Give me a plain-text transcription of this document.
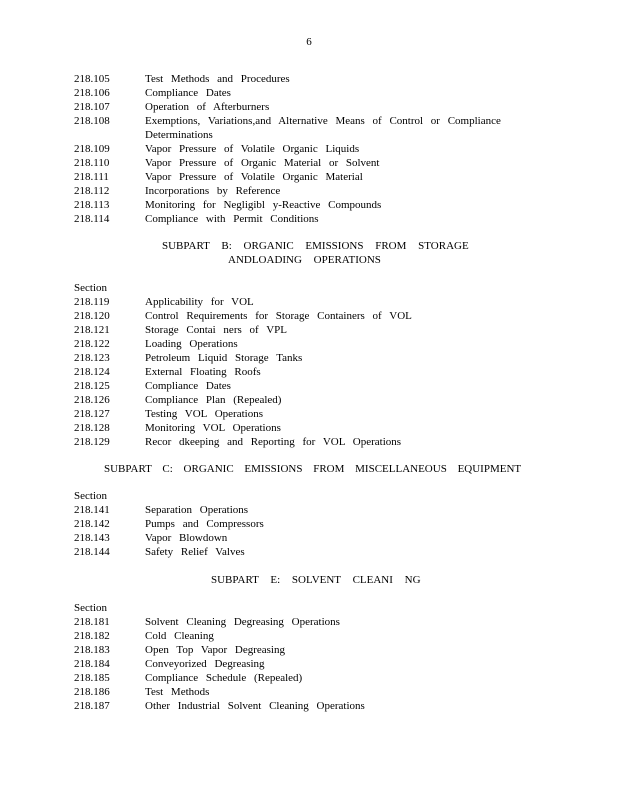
6
218.105	Test Methods and Procedures
218.106	Compliance Dates
218.107	Operation of Afterburners
218.108	Exemptions, Variations,and Alternative Means of Control or Compliance
Determinations
218.109	Vapor Pressure of Volatile Organic Liquids
218.110	Vapor Pressure of Organic Material or Solvent
218.111	Vapor Pressure of Volatile Organic Material
218.112	Incorporations by Reference
218.113	Monitoring for Negligibl y-Reactive Compounds
218.114	Compliance with Permit Conditions
SUBPART B: ORGANIC EMISSIONS FROM STORAGE
ANDLOADING OPERATIONS
Section
218.119	Applicability for VOL
218.120	Control Requirements for Storage Containers of VOL
218.121	Storage Contai ners of VPL
218.122	Loading Operations
218.123	Petroleum Liquid Storage Tanks
218.124	External Floating Roofs
218.125	Compliance Dates
218.126	Compliance Plan (Repealed)
218.127	Testing VOL Operations
218.128	Monitoring VOL Operations
218.129	Recor dkeeping and Reporting for VOL Operations
SUBPART C: ORGANIC EMISSIONS FROM MISCELLANEOUS EQUIPMENT
Section
218.141	Separation Operations
218.142	Pumps and Compressors
218.143	Vapor Blowdown
218.144	Safety Relief Valves
SUBPART E: SOLVENT CLEANI NG
Section
218.181	Solvent Cleaning Degreasing Operations
218.182	Cold Cleaning
218.183	Open Top Vapor Degreasing
218.184	Conveyorized Degreasing
218.185	Compliance Schedule (Repealed)
218.186	Test Methods
218.187	Other Industrial Solvent Cleaning Operations
